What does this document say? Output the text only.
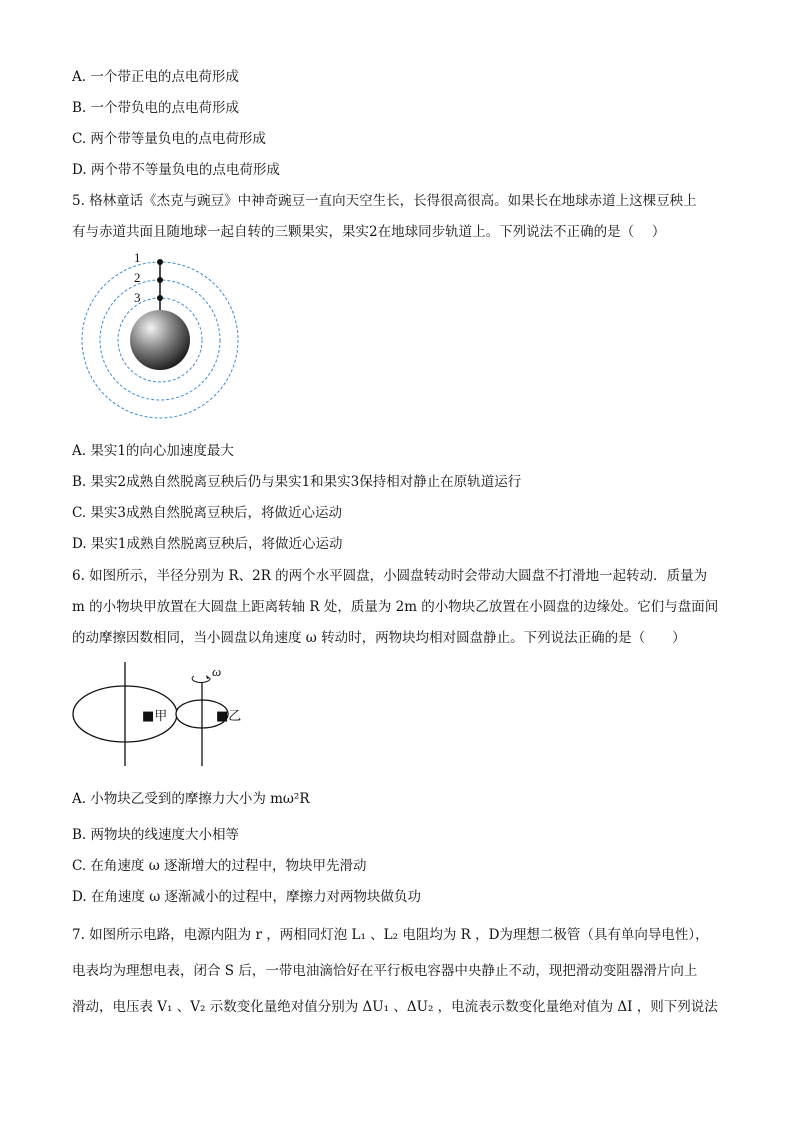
A. 一个带正电的点电荷形成
B. 一个带负电的点电荷形成
C. 两个带等量负电的点电荷形成
D. 两个带不等量负电的点电荷形成
5. 格林童话《杰克与豌豆》中神奇豌豆一直向天空生长，长得很高很高。如果长在地球赤道上这棵豆秧上
有与赤道共面且随地球一起自转的三颗果实，果实2在地球同步轨道上。下列说法不正确的是（　 ）
1
2
3
A. 果实1的向心加速度最大
B. 果实2成熟自然脱离豆秧后仍与果实1和果实3保持相对静止在原轨道运行
C. 果实3成熟自然脱离豆秧后，将做近心运动
D. 果实1成熟自然脱离豆秧后，将做近心运动
6. 如图所示，半径分别为 R、2R 的两个水平圆盘，小圆盘转动时会带动大圆盘不打滑地一起转动．质量为
m 的小物块甲放置在大圆盘上距离转轴 R 处，质量为 2m 的小物块乙放置在小圆盘的边缘处。它们与盘面间
的动摩擦因数相同，当小圆盘以角速度 ω 转动时，两物块均相对圆盘静止。下列说法正确的是（　　）
ω
■甲	■乙
A. 小物块乙受到的摩擦力大小为 mω²R
B. 两物块的线速度大小相等
C. 在角速度 ω 逐渐增大的过程中，物块甲先滑动
D. 在角速度 ω 逐渐减小的过程中，摩擦力对两物块做负功
7. 如图所示电路，电源内阻为 r ，两相同灯泡 L₁ 、L₂ 电阻均为 R ，D为理想二极管（具有单向导电性），
电表均为理想电表，闭合 S 后，一带电油滴恰好在平行板电容器中央静止不动，现把滑动变阻器滑片向上
滑动，电压表 V₁ 、V₂ 示数变化量绝对值分别为 ΔU₁ 、ΔU₂ ，电流表示数变化量绝对值为 ΔI ，则下列说法
